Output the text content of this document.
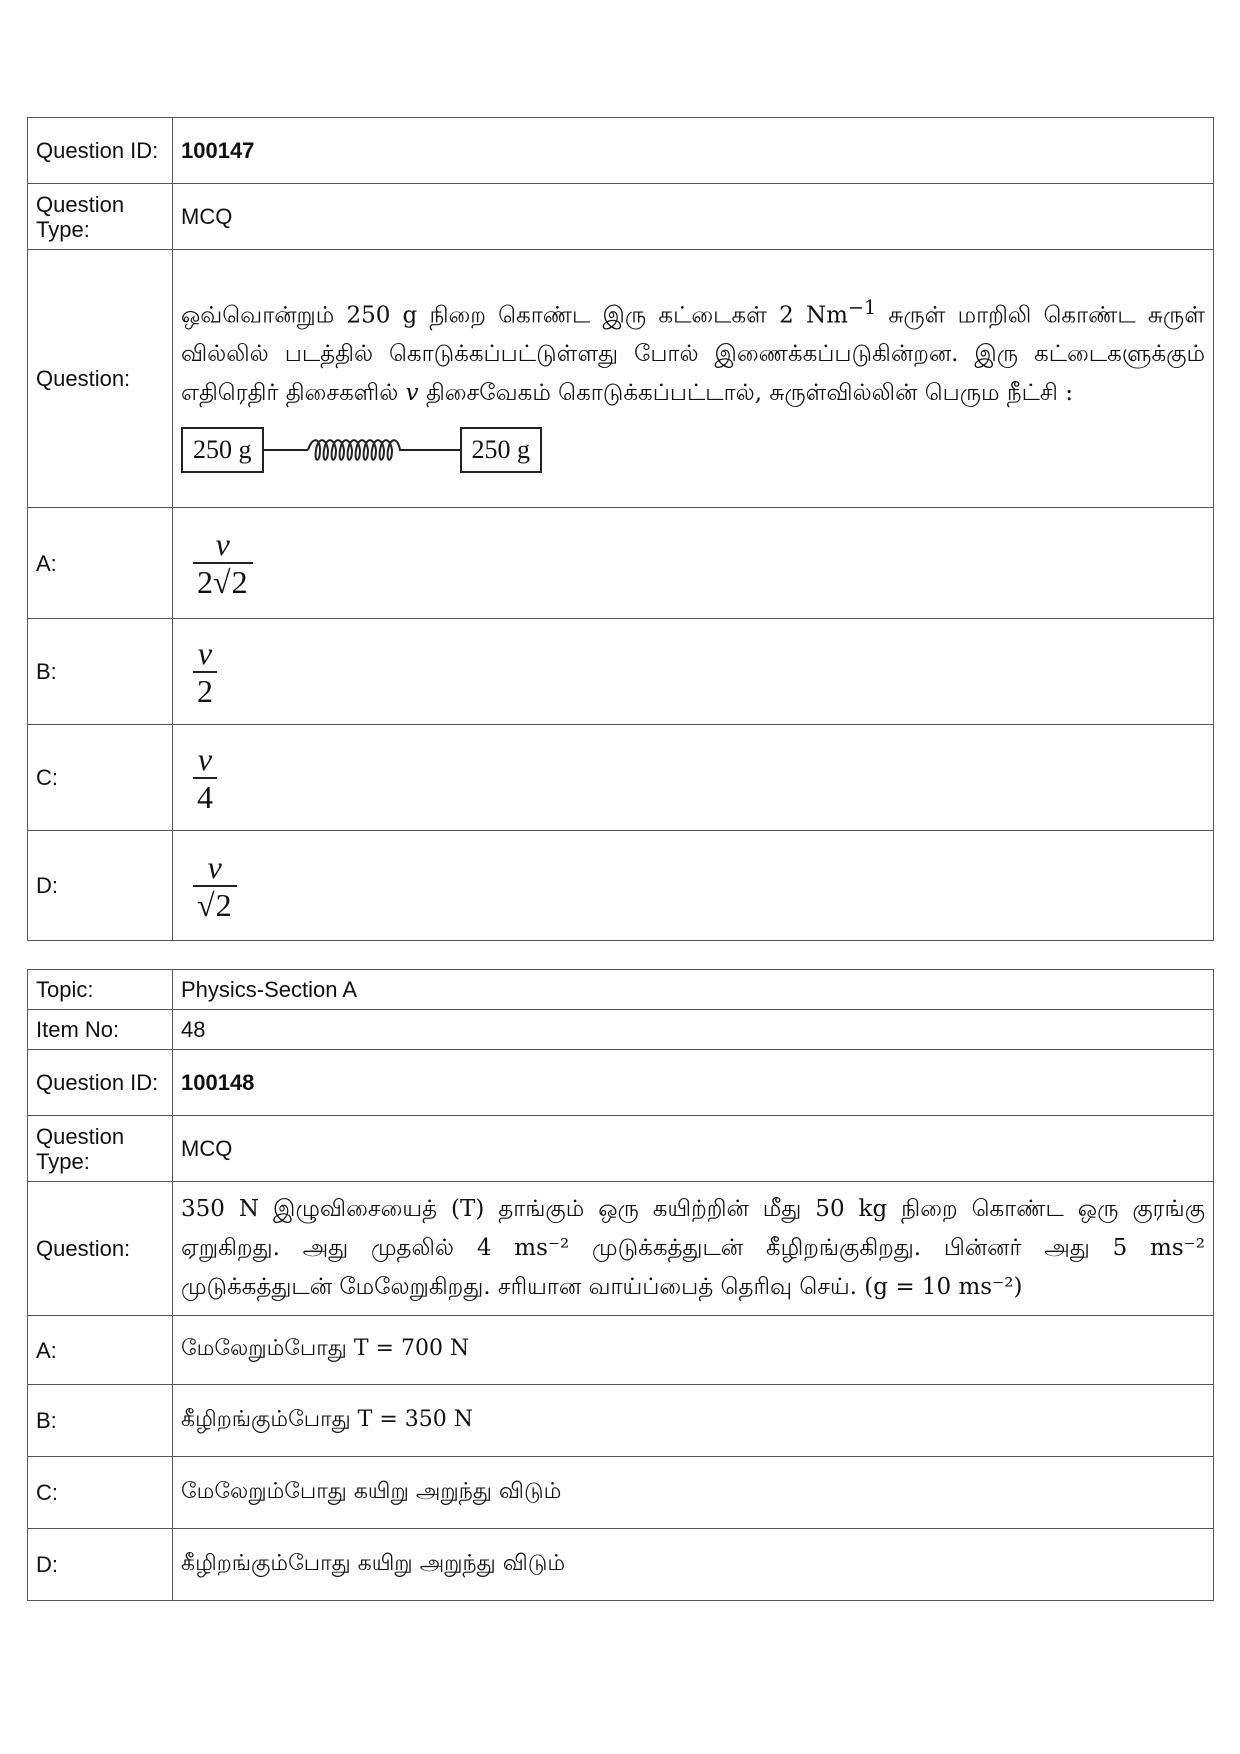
Question ID:	100147
Question Type:	MCQ
Question:	ஒவ்வொன்றும் 250 g நிறை கொண்ட இரு கட்டைகள் 2 $Nm^{-1}$ சுருள் மாறிலி கொண்ட சுருள் வில்லில் படத்தில் கொடுக்கப்பட்டுள்ளது போல் இணைக்கப்படுகின்றன. இரு கட்டைகளுக்கும் எதிரெதிர் திசைகளில் v திசைவேகம் கொடுக்கப்பட்டால், சுருள்வில்லின் பெரும நீட்சி :
250 g 250 g

A:	$\frac{v}{2√2}$

B:	$\frac{v}{2}$

C:	$\frac{v}{4}$

D:	$\frac{v}{√2}$
Topic:	Physics-Section A
Item No:	48
Question ID:	100148
Question Type:	MCQ
Question:	350 N இழுவிசையைத் (T) தாங்கும் ஒரு கயிற்றின் மீது 50 kg நிறை கொண்ட ஒரு குரங்கு ஏறுகிறது. அது முதலில் 4 ms⁻² முடுக்கத்துடன் கீழிறங்குகிறது. பின்னர் அது 5 ms⁻² முடுக்கத்துடன் மேலேறுகிறது. சரியான வாய்ப்பைத் தெரிவு செய். (g = 10 ms⁻²)

A:	மேலேறும்போது T = 700 N
B:	கீழிறங்கும்போது T = 350 N
C:	மேலேறும்போது கயிறு அறுந்து விடும்
D:	கீழிறங்கும்போது கயிறு அறுந்து விடும்
